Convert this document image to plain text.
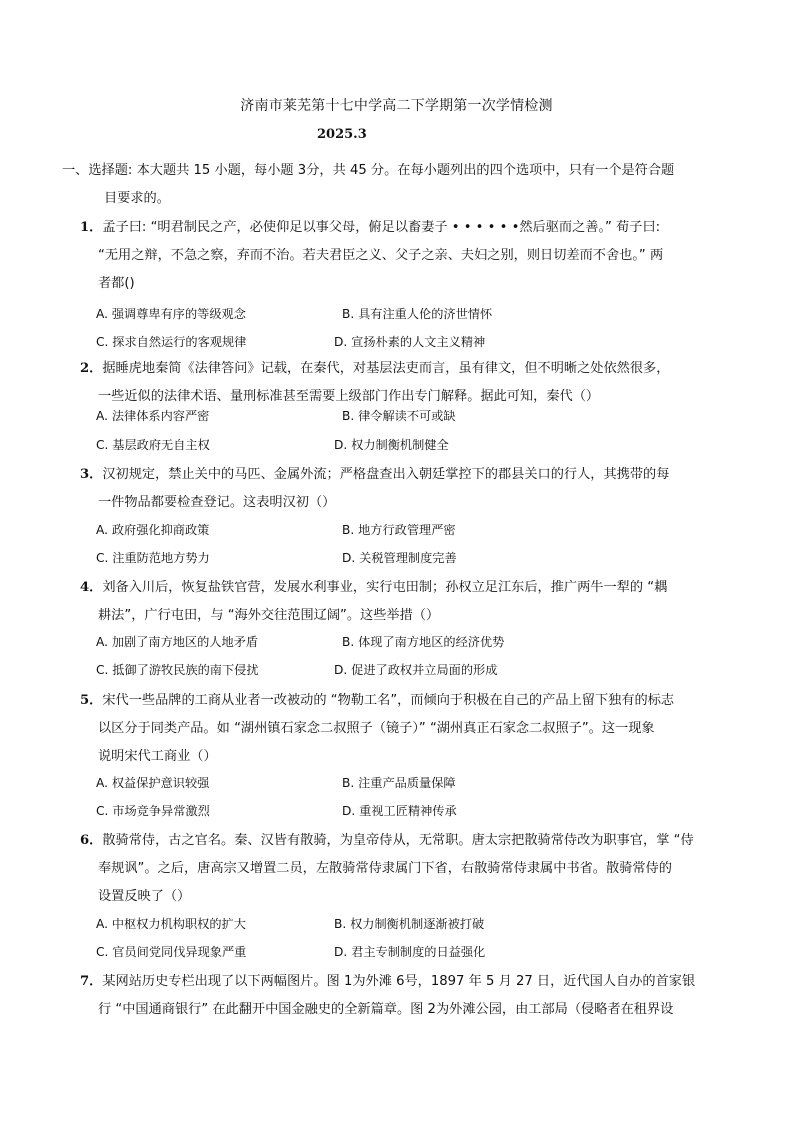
济南市莱芜第十七中学高二下学期第一次学情检测
2025.3
一、选择题: 本大题共 15 小题，每小题 3分，共 45 分。在每小题列出的四个选项中，只有一个是符合题
目要求的。
1．孟子曰: “明君制民之产，必使仰足以事父母，俯足以畜妻子 • • • • • •然后驱而之善。” 荀子曰:
“无用之辩，不急之察，弃而不治。若夫君臣之义、父子之亲、夫妇之别，则日切差而不舍也。” 两
者都()
A. 强调尊卑有序的等级观念	B. 具有注重人伦的济世情怀
C. 探求自然运行的客观规律	D. 宣扬朴素的人文主义精神
2．据睡虎地秦简《法律答问》记载，在秦代，对基层法吏而言，虽有律文，但不明晰之处依然很多，
一些近似的法律术语、量刑标准甚至需要上级部门作出专门解释。据此可知，秦代（）
A. 法律体系内容严密	B. 律令解读不可或缺
C. 基层政府无自主权	D. 权力制衡机制健全
3．汉初规定，禁止关中的马匹、金属外流；严格盘查出入朝廷掌控下的郡县关口的行人，其携带的每
一件物品都要检查登记。这表明汉初（）
A. 政府强化抑商政策	B. 地方行政管理严密
C. 注重防范地方势力	D. 关税管理制度完善
4．刘备入川后，恢复盐铁官营，发展水利事业，实行屯田制；孙权立足江东后，推广两牛一犁的 “耦
耕法”，广行屯田，与 “海外交往范围辽阔”。这些举措（）
A. 加剧了南方地区的人地矛盾	B. 体现了南方地区的经济优势
C. 抵御了游牧民族的南下侵扰	D. 促进了政权并立局面的形成
5．宋代一些品牌的工商从业者一改被动的 “物勒工名”，而倾向于积极在自己的产品上留下独有的标志
以区分于同类产品。如 “湖州镇石家念二叔照子（镜子）” “湖州真正石家念二叔照子”。这一现象
说明宋代工商业（）
A. 权益保护意识较强	B. 注重产品质量保障
C. 市场竞争异常激烈	D. 重视工匠精神传承
6．散骑常侍，古之官名。秦、汉皆有散骑，为皇帝侍从，无常职。唐太宗把散骑常侍改为职事官，掌 “侍
奉规讽”。之后，唐高宗又增置二员，左散骑常侍隶属门下省，右散骑常侍隶属中书省。散骑常侍的
设置反映了（）
A. 中枢权力机构职权的扩大	B. 权力制衡机制逐渐被打破
C. 官员间党同伐异现象严重	D. 君主专制制度的日益强化
7．某网站历史专栏出现了以下两幅图片。图 1为外滩 6号，1897 年 5 月 27 日，近代国人自办的首家银
行 “中国通商银行” 在此翻开中国金融史的全新篇章。图 2为外滩公园，由工部局（侵略者在租界设
